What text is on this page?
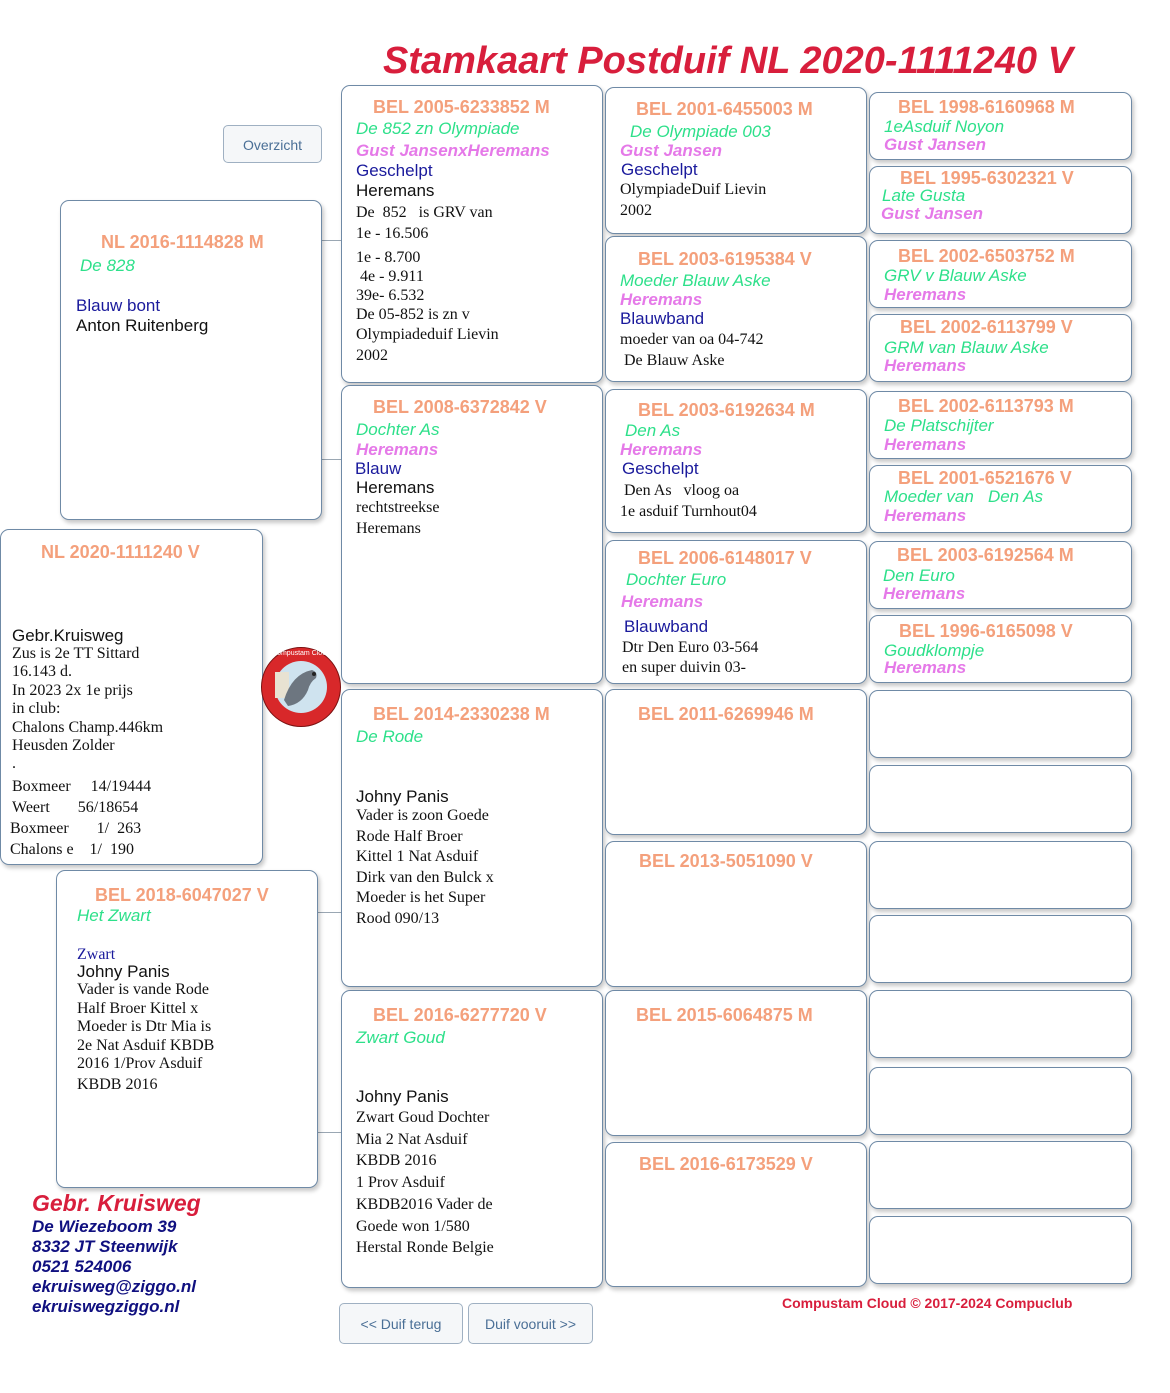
Stamkaart Postduif NL 2020-1111240 V
Overzicht
NL 2020-1111240 V
Gebr.Kruisweg
Zus is 2e TT Sittard
16.143 d.
In 2023 2x 1e prijs
in club:
Chalons Champ.446km
Heusden Zolder
.
Boxmeer     14/19444
Weert       56/18654
Boxmeer       1/  263
Chalons e    1/  190
Compustam Cloud
NL 2016-1114828 M
De 828
Blauw bont
Anton Ruitenberg
BEL 2018-6047027 V
Het Zwart
Zwart
Johny Panis
Vader is vande Rode
Half Broer Kittel x
Moeder is Dtr Mia is
2e Nat Asduif KBDB
2016 1/Prov Asduif
KBDB 2016
BEL 2005-6233852 M
De 852 zn Olympiade
Gust JansenxHeremans
Geschelpt
Heremans
De  852   is GRV van
1e - 16.506
1e - 8.700
4e - 9.911
39e- 6.532
De 05-852 is zn v
Olympiadeduif Lievin
2002
BEL 2008-6372842 V
Dochter As
Heremans
Blauw
Heremans
rechtstreekse
Heremans
BEL 2014-2330238 M
De Rode
Johny Panis
Vader is zoon Goede
Rode Half Broer
Kittel 1 Nat Asduif
Dirk van den Bulck x
Moeder is het Super
Rood 090/13
BEL 2016-6277720 V
Zwart Goud
Johny Panis
Zwart Goud Dochter
Mia 2 Nat Asduif
KBDB 2016
1 Prov Asduif
KBDB2016 Vader de
Goede won 1/580
Herstal Ronde Belgie
BEL 2001-6455003 M
De Olympiade 003
Gust Jansen
Geschelpt
OlympiadeDuif Lievin
2002
BEL 2003-6195384 V
Moeder Blauw Aske
Heremans
Blauwband
moeder van oa 04-742
De Blauw Aske
BEL 2003-6192634 M
Den As
Heremans
Geschelpt
Den As   vloog oa
1e asduif Turnhout04
BEL 2006-6148017 V
Dochter Euro
Heremans
Blauwband
Dtr Den Euro 03-564
en super duivin 03-
BEL 2011-6269946 M
BEL 2013-5051090 V
BEL 2015-6064875 M
BEL 2016-6173529 V
BEL 1998-6160968 M
1eAsduif Noyon
Gust Jansen
BEL 1995-6302321 V
Late Gusta
Gust Jansen
BEL 2002-6503752 M
GRV v Blauw Aske
Heremans
BEL 2002-6113799 V
GRM van Blauw Aske
Heremans
BEL 2002-6113793 M
De Platschijter
Heremans
BEL 2001-6521676 V
Moeder van   Den As
Heremans
BEL 2003-6192564 M
Den Euro
Heremans
BEL 1996-6165098 V
Goudklompje
Heremans
<< Duif terug	Duif vooruit >>
Gebr. Kruisweg
De Wiezeboom 39
8332 JT Steenwijk
0521 524006
ekruisweg@ziggo.nl
ekruiswegziggo.nl	Compustam Cloud © 2017-2024 Compuclub
